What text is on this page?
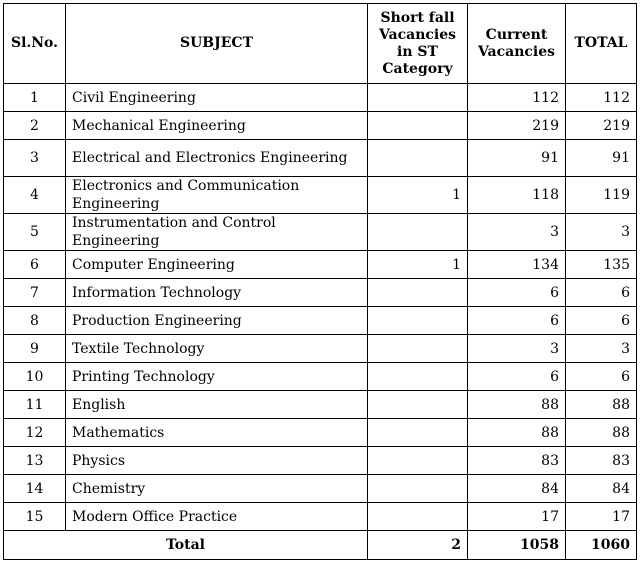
Sl.No.	SUBJECT	Short fall Vacancies in ST Category	Current Vacancies	TOTAL
1	Civil Engineering		112	112
2	Mechanical Engineering		219	219
3	Electrical and Electronics Engineering		91	91
4	Electronics and Communication Engineering	1	118	119
5	Instrumentation and Control Engineering		3	3
6	Computer Engineering	1	134	135
7	Information Technology		6	6
8	Production Engineering		6	6
9	Textile Technology		3	3
10	Printing Technology		6	6
11	English		88	88
12	Mathematics		88	88
13	Physics		83	83
14	Chemistry		84	84
15	Modern Office Practice		17	17
Total		2	1058	1060
